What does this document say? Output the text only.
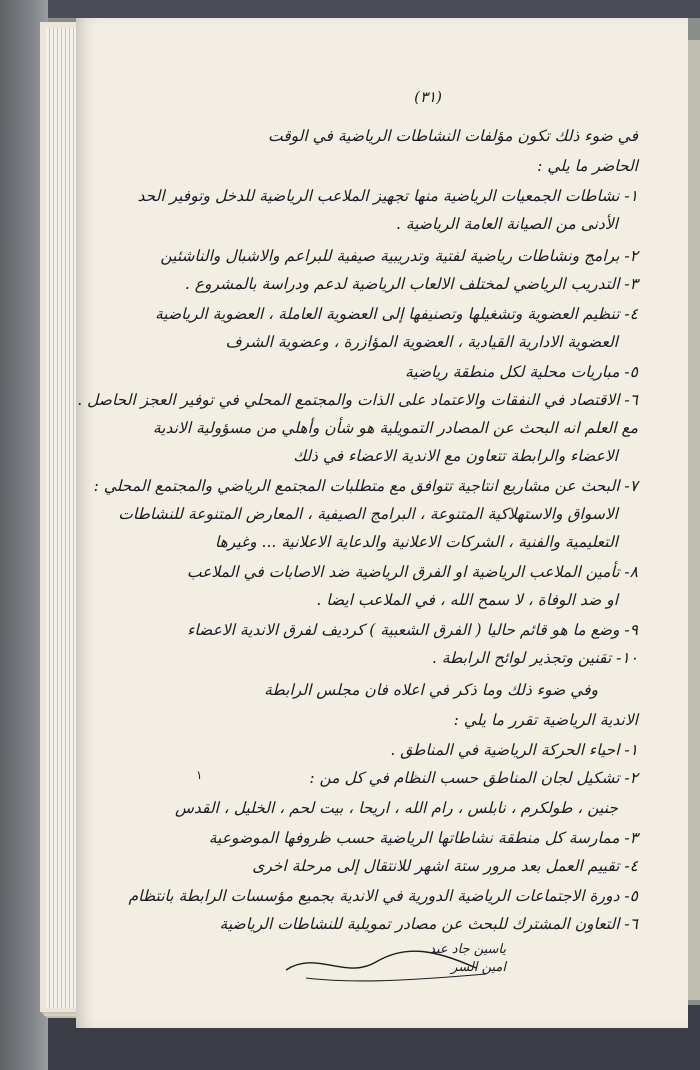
(٣١)
في ضوء ذلك تكون مؤلفات النشاطات الرياضية في الوقت
الحاضر ما يلي :
١- نشاطات الجمعيات الرياضية منها تجهيز الملاعب الرياضية للدخل وتوفير الحد
الأدنى من الصيانة العامة الرياضية .
٢- برامج ونشاطات رياضية لفتية وتدريبية صيفية للبراعم والاشبال والناشئين
٣- التدريب الرياضي لمختلف الالعاب الرياضية لدعم ودراسة بالمشروع .
٤- تنظيم العضوية وتشغيلها وتصنيفها إلى العضوية العاملة ، العضوية الرياضية
العضوية الادارية القيادية ، العضوية المؤازرة ، وعضوية الشرف
٥- مباريات محلية لكل منطقة رياضية
٦- الاقتصاد في النفقات والاعتماد على الذات والمجتمع المحلي في توفير العجز الحاصل .
مع العلم انه البحث عن المصادر التمويلية هو شأن وأهلي من مسؤولية الاندية
الاعضاء والرابطة تتعاون مع الاندية الاعضاء في ذلك
٧- البحث عن مشاريع انتاجية تتوافق مع متطلبات المجتمع الرياضي والمجتمع المحلي :
الاسواق والاستهلاكية المتنوعة ، البرامج الصيفية ، المعارض المتنوعة للنشاطات
التعليمية والفنية ، الشركات الاعلانية والدعاية الاعلانية ... وغيرها
٨- تأمين الملاعب الرياضية او الفرق الرياضية ضد الاصابات في الملاعب
او ضد الوفاة ، لا سمح الله ، في الملاعب ايضا .
٩- وضع ما هو قائم حاليا ( الفرق الشعبية ) كرديف لفرق الاندية الاعضاء
١٠- تقنين وتجذير لوائح الرابطة .
وفي ضوء ذلك وما ذكر في اعلاه فان مجلس الرابطة
الاندية الرياضية تقرر ما يلي :
١- احياء الحركة الرياضية في المناطق .
٢- تشكيل لجان المناطق حسب النظام في كل من :
جنين ، طولكرم ، نابلس ، رام الله ، اريحا ، بيت لحم ، الخليل ، القدس
٣- ممارسة كل منطقة نشاطاتها الرياضية حسب ظروفها الموضوعية
٤- تقييم العمل بعد مرور ستة اشهر للانتقال إلى مرحلة اخرى
٥- دورة الاجتماعات الرياضية الدورية في الاندية بجميع مؤسسات الرابطة بانتظام
٦- التعاون المشترك للبحث عن مصادر تمويلية للنشاطات الرياضية
١
ياسين جاد عبد
امين السر
